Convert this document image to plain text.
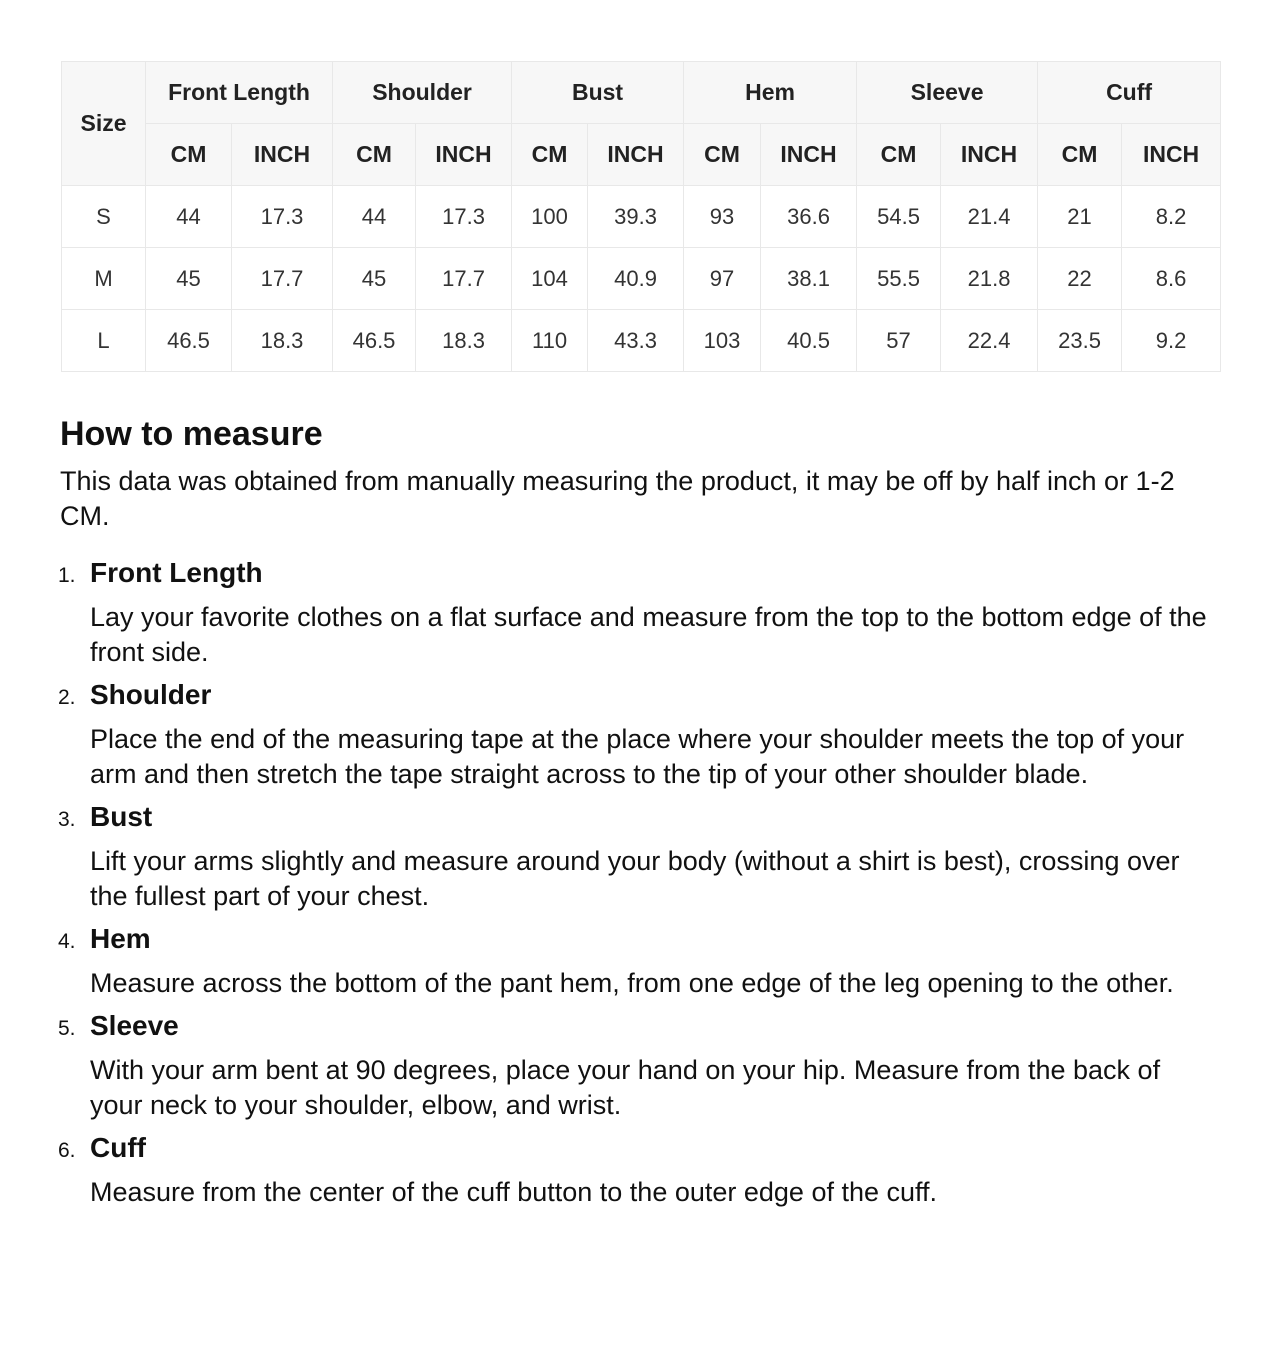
Size	Front Length		Shoulder		Bust		Hem		Sleeve		Cuff	
	CM	INCH	CM	INCH	CM	INCH	CM	INCH	CM	INCH	CM	INCH
S	44	17.3	44	17.3	100	39.3	93	36.6	54.5	21.4	21	8.2
M	45	17.7	45	17.7	104	40.9	97	38.1	55.5	21.8	22	8.6
L	46.5	18.3	46.5	18.3	110	43.3	103	40.5	57	22.4	23.5	9.2
How to measure

This data was obtained from manually measuring the product, it may be off by half inch or 1-2 CM.

1. Front Length

Lay your favorite clothes on a flat surface and measure from the top to the bottom edge of the front side.

2. Shoulder

Place the end of the measuring tape at the place where your shoulder meets the top of your arm and then stretch the tape straight across to the tip of your other shoulder blade.

3. Bust

Lift your arms slightly and measure around your body (without a shirt is best), crossing over the fullest part of your chest.

4. Hem

Measure across the bottom of the pant hem, from one edge of the leg opening to the other.

5. Sleeve

With your arm bent at 90 degrees, place your hand on your hip. Measure from the back of your neck to your shoulder, elbow, and wrist.

6. Cuff

Measure from the center of the cuff button to the outer edge of the cuff.
